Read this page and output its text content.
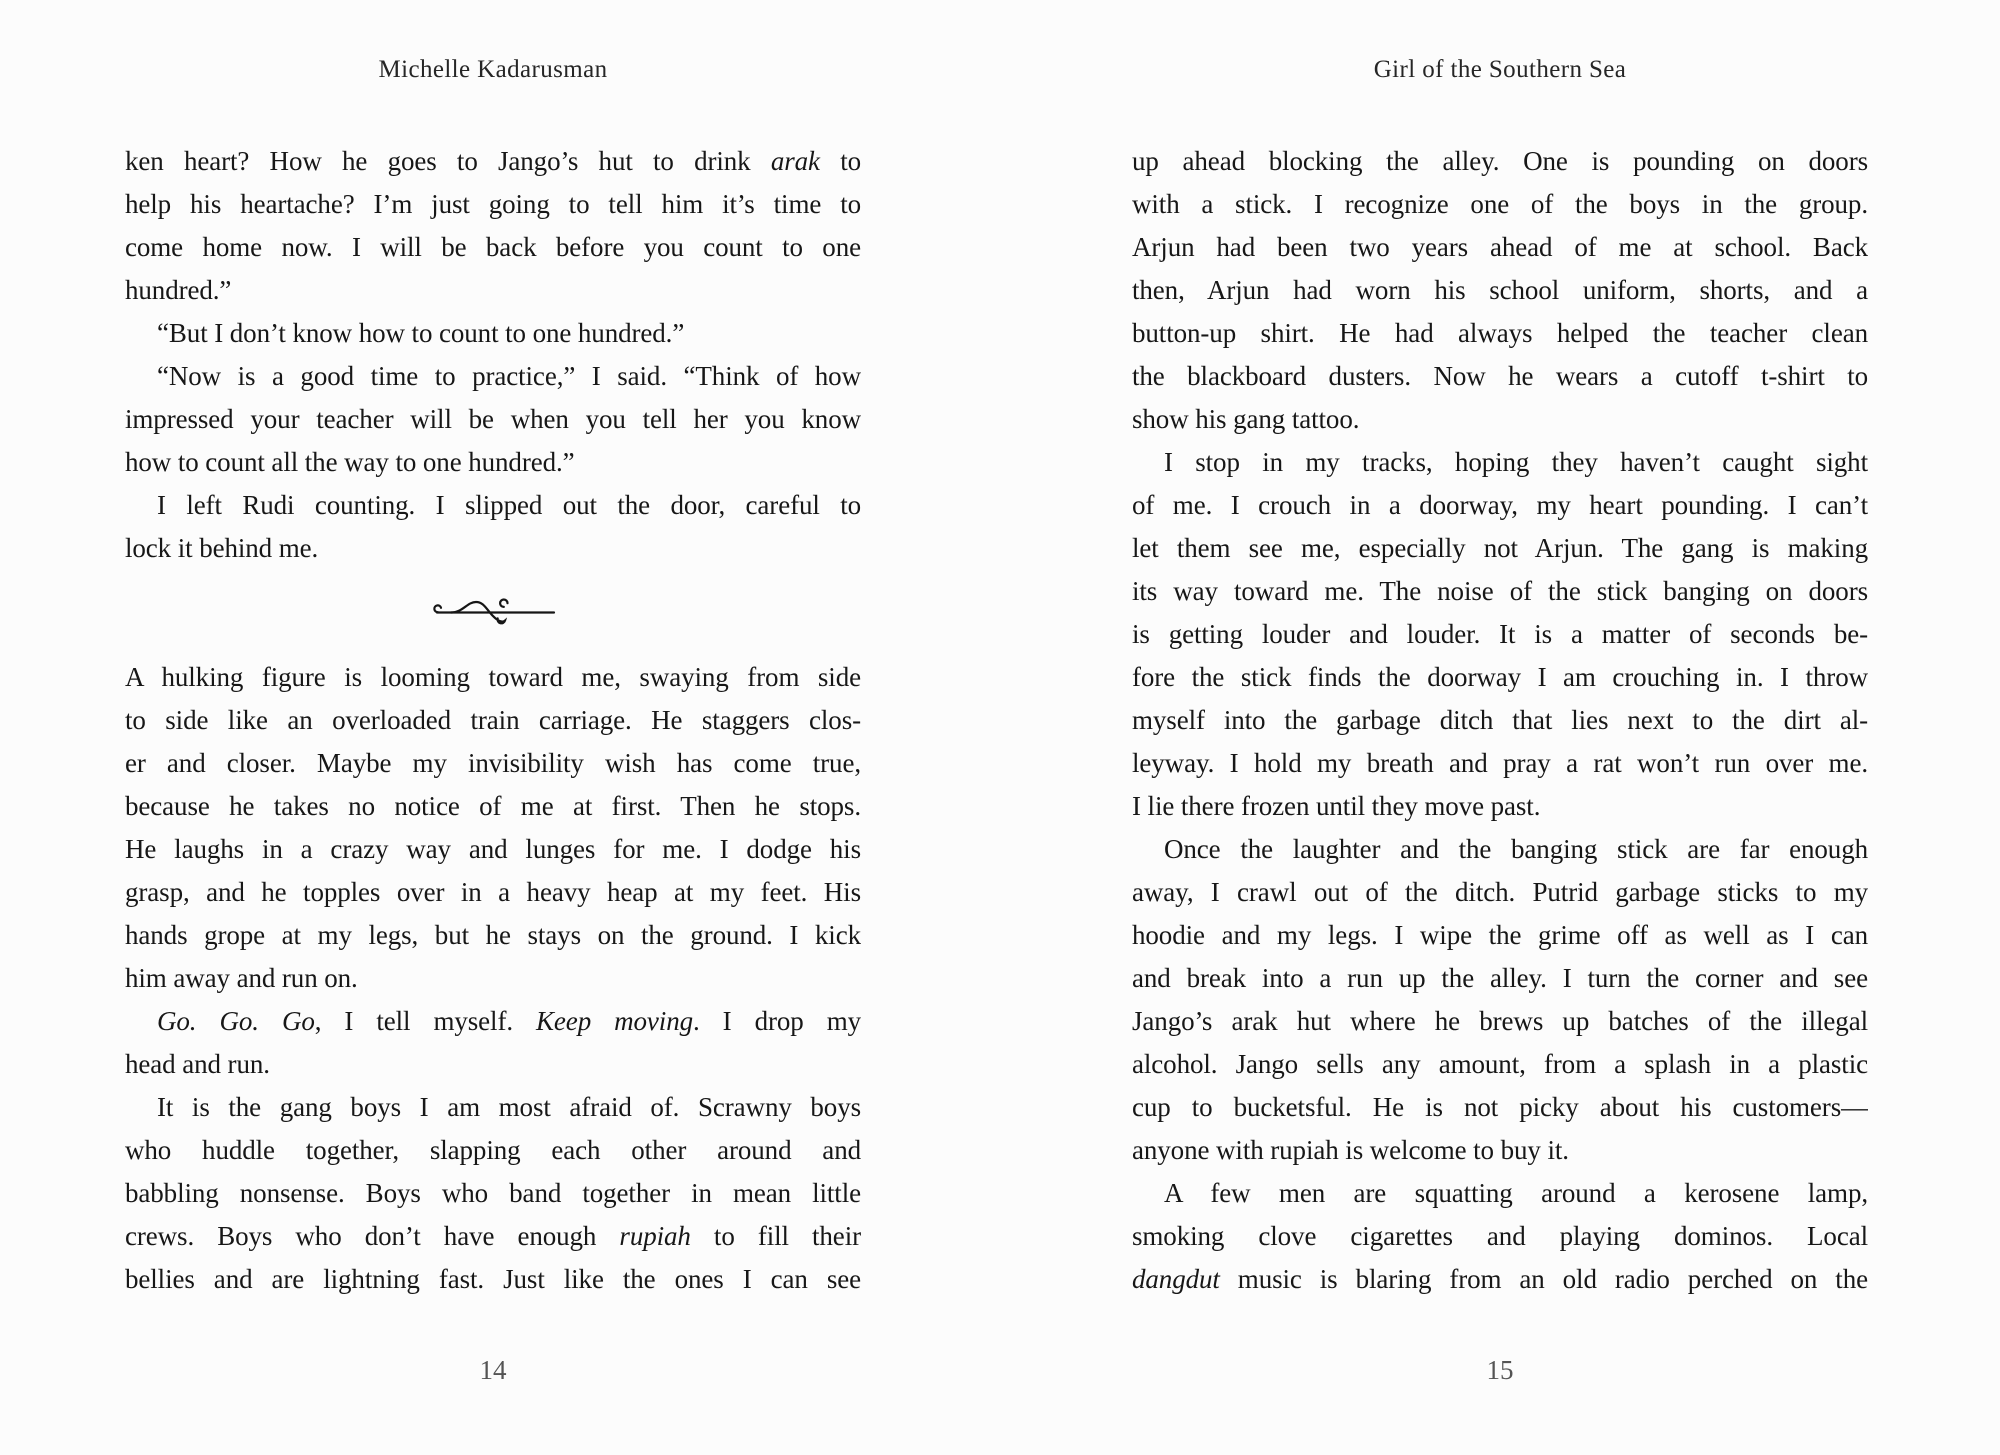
Michelle Kadarusman	Girl of the Southern Sea
ken heart? How he goes to Jango’s hut to drink arak to
help his heartache? I’m just going to tell him it’s time to
come home now. I will be back before you count to one
hundred.”
“But I don’t know how to count to one hundred.”
“Now is a good time to practice,” I said. “Think of how
impressed your teacher will be when you tell her you know
how to count all the way to one hundred.”
I left Rudi counting. I slipped out the door, careful to
lock it behind me.
A hulking figure is looming toward me, swaying from side
to side like an overloaded train carriage. He staggers clos-
er and closer. Maybe my invisibility wish has come true,
because he takes no notice of me at first. Then he stops.
He laughs in a crazy way and lunges for me. I dodge his
grasp, and he topples over in a heavy heap at my feet. His
hands grope at my legs, but he stays on the ground. I kick
him away and run on.
Go. Go. Go, I tell myself. Keep moving. I drop my
head and run.
It is the gang boys I am most afraid of. Scrawny boys
who huddle together, slapping each other around and
babbling nonsense. Boys who band together in mean little
crews. Boys who don’t have enough rupiah to fill their
bellies and are lightning fast. Just like the ones I can see
up ahead blocking the alley. One is pounding on doors
with a stick. I recognize one of the boys in the group.
Arjun had been two years ahead of me at school. Back
then, Arjun had worn his school uniform, shorts, and a
button-up shirt. He had always helped the teacher clean
the blackboard dusters. Now he wears a cutoff t-shirt to
show his gang tattoo.
I stop in my tracks, hoping they haven’t caught sight
of me. I crouch in a doorway, my heart pounding. I can’t
let them see me, especially not Arjun. The gang is making
its way toward me. The noise of the stick banging on doors
is getting louder and louder. It is a matter of seconds be-
fore the stick finds the doorway I am crouching in. I throw
myself into the garbage ditch that lies next to the dirt al-
leyway. I hold my breath and pray a rat won’t run over me.
I lie there frozen until they move past.
Once the laughter and the banging stick are far enough
away, I crawl out of the ditch. Putrid garbage sticks to my
hoodie and my legs. I wipe the grime off as well as I can
and break into a run up the alley. I turn the corner and see
Jango’s arak hut where he brews up batches of the illegal
alcohol. Jango sells any amount, from a splash in a plastic
cup to bucketsful. He is not picky about his customers—
anyone with rupiah is welcome to buy it.
A few men are squatting around a kerosene lamp,
smoking clove cigarettes and playing dominos. Local
dangdut music is blaring from an old radio perched on the
14	15
